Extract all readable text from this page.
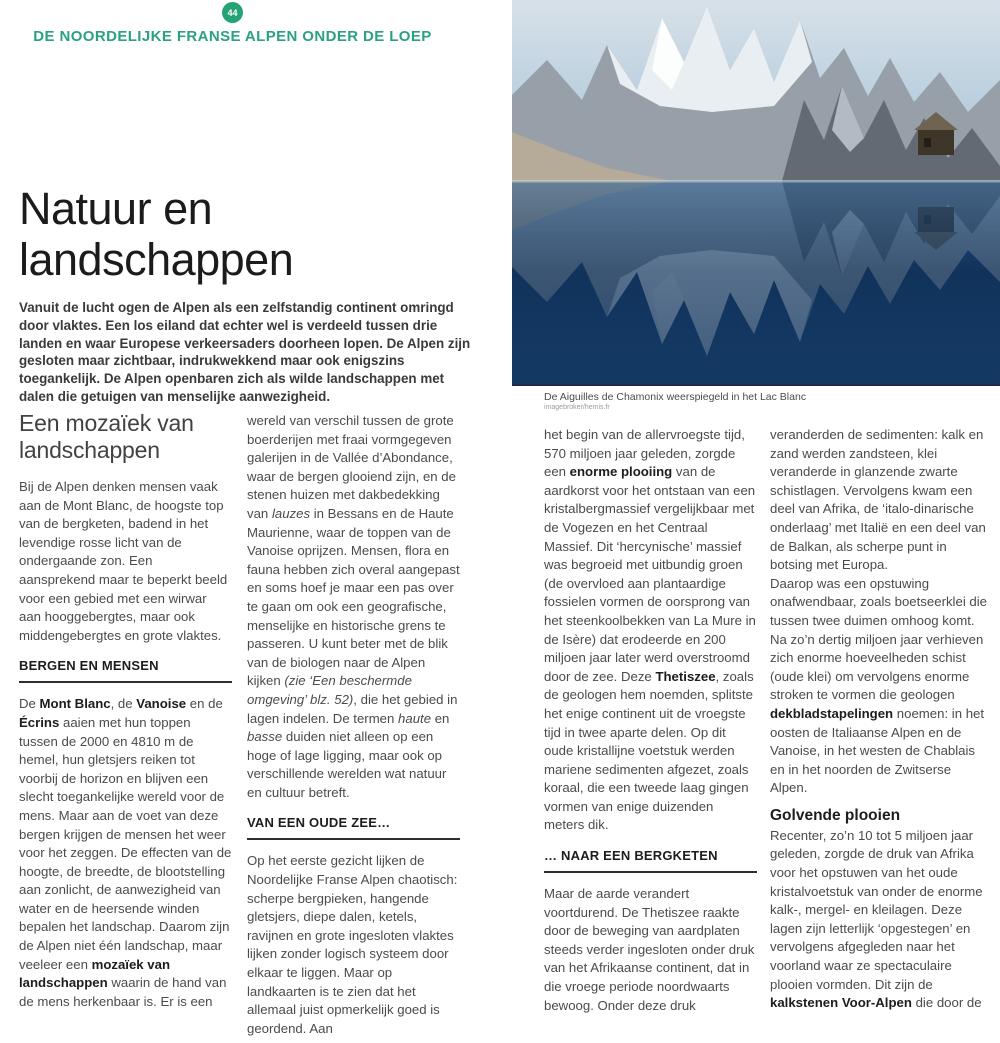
44
DE NOORDELIJKE FRANSE ALPEN ONDER DE LOEP
Natuur en
landschappen
Vanuit de lucht ogen de Alpen als een zelfstandig continent omringd door vlaktes. Een los eiland dat echter wel is verdeeld tussen drie landen en waar Europese verkeersaders doorheen lopen. De Alpen zijn gesloten maar zichtbaar, indrukwekkend maar ook enigszins toegankelijk. De Alpen openbaren zich als wilde landschappen met dalen die getuigen van menselijke aanwezigheid.	De Aiguilles de Chamonix weerspiegeld in het Lac Blanc
imagebroker/hemis.fr
Een mozaïek van
landschappen

Bij de Alpen denken mensen vaak aan de Mont Blanc, de hoogste top van de bergketen, badend in het levendige rosse licht van de ondergaande zon. Een aansprekend maar te beperkt beeld voor een gebied met een wirwar aan hooggebergtes, maar ook middengebergtes en grote vlaktes.

BERGEN EN MENSEN

De Mont Blanc, de Vanoise en de Écrins aaien met hun toppen tussen de 2000 en 4810 m de hemel, hun gletsjers reiken tot voorbij de horizon en blijven een slecht toegankelijke wereld voor de mens. Maar aan de voet van deze bergen krijgen de mensen het weer voor het zeggen. De effecten van de hoogte, de breedte, de blootstelling aan zonlicht, de aanwezigheid van water en de heersende winden bepalen het landschap. Daarom zijn de Alpen niet één landschap, maar veeleer een mozaïek van landschappen waarin de hand van de mens herkenbaar is. Er is een

wereld van verschil tussen de grote boerderijen met fraai vormgegeven galerijen in de Vallée d’Abondance, waar de bergen glooiend zijn, en de stenen huizen met dakbedekking van lauzes in Bessans en de Haute Maurienne, waar de toppen van de Vanoise oprijzen. Mensen, flora en fauna hebben zich overal aangepast en soms hoef je maar een pas over te gaan om ook een geografische, menselijke en historische grens te passeren. U kunt beter met de blik van de biologen naar de Alpen kijken (zie ‘Een beschermde omgeving’ blz. 52), die het gebied in lagen indelen. De termen haute en basse duiden niet alleen op een hoge of lage ligging, maar ook op verschillende werelden wat natuur en cultuur betreft.

VAN EEN OUDE ZEE…

Op het eerste gezicht lijken de Noordelijke Franse Alpen chaotisch: scherpe bergpieken, hangende gletsjers, diepe dalen, ketels, ravijnen en grote ingesloten vlaktes lijken zonder logisch systeem door elkaar te liggen. Maar op landkaarten is te zien dat het allemaal juist opmerkelijk goed is geordend. Aan

het begin van de allervroegste tijd, 570 miljoen jaar geleden, zorgde een enorme plooiing van de aardkorst voor het ontstaan van een kristalbergmassief vergelijkbaar met de Vogezen en het Centraal Massief. Dit ‘hercynische’ massief was begroeid met uitbundig groen (de overvloed aan plantaardige fossielen vormen de oorsprong van het steenkoolbekken van La Mure in de Isère) dat erodeerde en 200 miljoen jaar later werd overstroomd door de zee. Deze Thetiszee, zoals de geologen hem noemden, splitste het enige continent uit de vroegste tijd in twee aparte delen. Op dit oude kristallijne voetstuk werden mariene sedimenten afgezet, zoals koraal, die een tweede laag gingen vormen van enige duizenden meters dik.

… NAAR EEN BERGKETEN

Maar de aarde verandert voortdurend. De Thetiszee raakte door de beweging van aardplaten steeds verder ingesloten onder druk van het Afrikaanse continent, dat in die vroege periode noordwaarts bewoog. Onder deze druk

veranderden de sedimenten: kalk en zand werden zandsteen, klei veranderde in glanzende zwarte schistlagen. Vervolgens kwam een deel van Afrika, de ‘italo-dinarische onderlaag’ met Italië en een deel van de Balkan, als scherpe punt in botsing met Europa.

Daarop was een opstuwing onafwendbaar, zoals boetseerklei die tussen twee duimen omhoog komt. Na zo’n dertig miljoen jaar verhieven zich enorme hoeveelheden schist (oude klei) om vervolgens enorme stroken te vormen die geologen dekbladstapelingen noemen: in het oosten de Italiaanse Alpen en de Vanoise, in het westen de Chablais en in het noorden de Zwitserse Alpen.

Golvende plooien

Recenter, zo’n 10 tot 5 miljoen jaar geleden, zorgde de druk van Afrika voor het opstuwen van het oude kristalvoetstuk van onder de enorme kalk-, mergel- en kleilagen. Deze lagen zijn letterlijk ‘opgestegen’ en vervolgens afgegleden naar het voorland waar ze spectaculaire plooien vormden. Dit zijn de kalkstenen Voor-Alpen die door de
